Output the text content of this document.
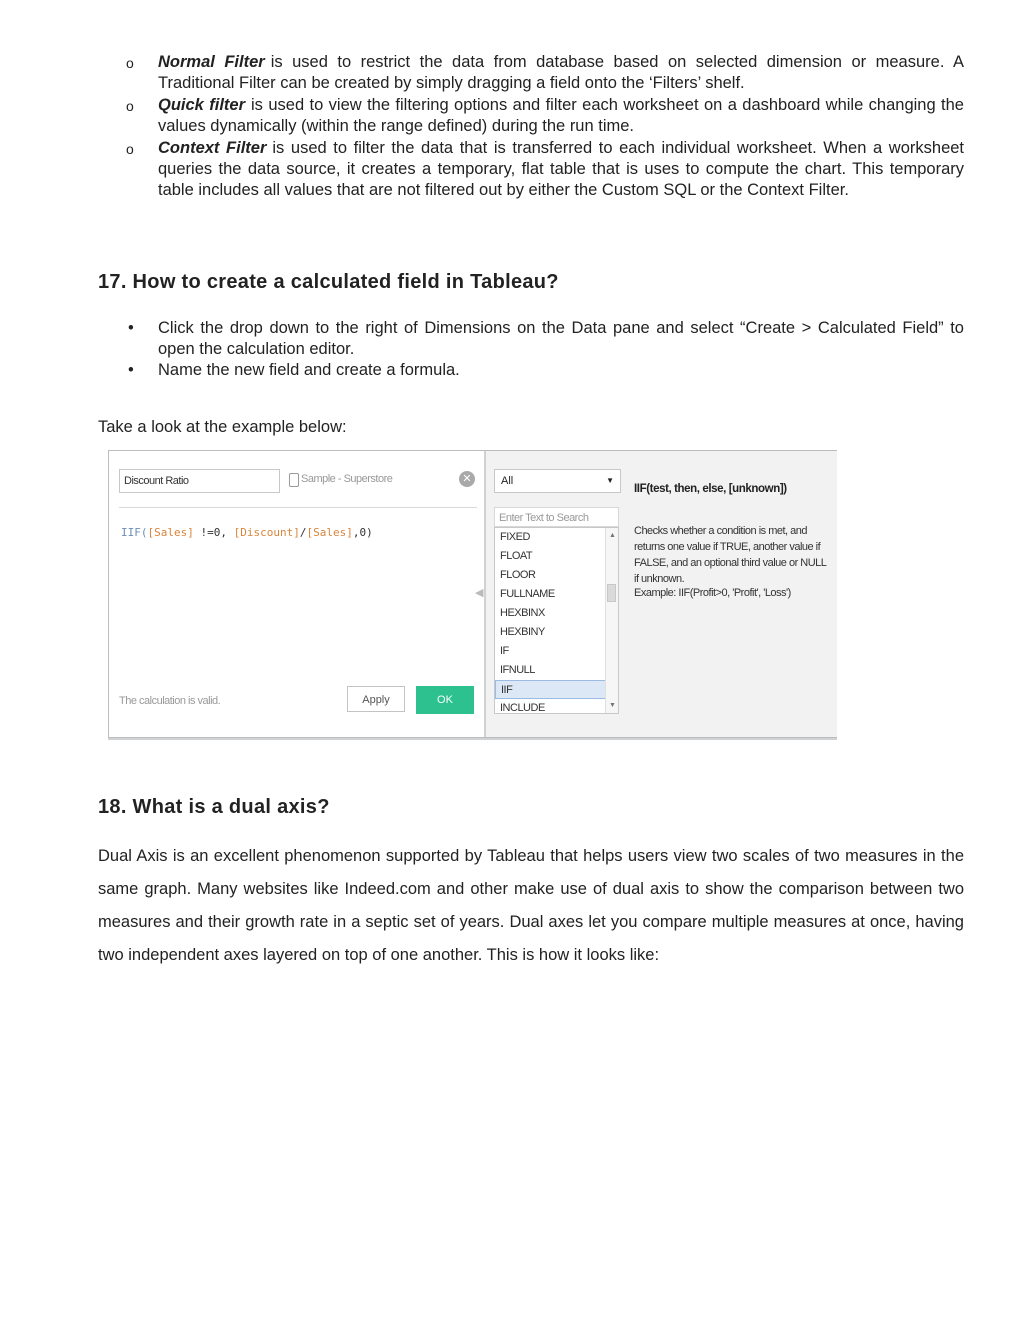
o Normal Filter is used to restrict the data from database based on selected dimension or measure. A Traditional Filter can be created by simply dragging a field onto the ‘Filters’ shelf.
o Quick filter is used to view the filtering options and filter each worksheet on a dashboard while changing the values dynamically (within the range defined) during the run time.
o Context Filter is used to filter the data that is transferred to each individual worksheet. When a worksheet queries the data source, it creates a temporary, flat table that is uses to compute the chart. This temporary table includes all values that are not filtered out by either the Custom SQL or the Context Filter.
17. How to create a calculated field in Tableau?
• Click the drop down to the right of Dimensions on the Data pane and select “Create > Calculated Field” to open the calculation editor.
• Name the new field and create a formula.

Take a look at the example below:

Discount Ratio	Sample - Superstore	✕
IIF([Sales] !=0, [Discount]/[Sales],0)
◀
The calculation is valid.	Apply	OK
All	▼
Enter Text to Search
FIXED
FLOAT
FLOOR
FULLNAME
HEXBINX
HEXBINY
IF
IFNULL
IIF
INCLUDE
▲
▼
IIF(test, then, else, [unknown])
Checks whether a condition is met, and returns one value if TRUE, another value if FALSE, and an optional third value or NULL if unknown.
Example: IIF(Profit>0, 'Profit', 'Loss')
18. What is a dual axis?

Dual Axis is an excellent phenomenon supported by Tableau that helps users view two scales of two measures in the same graph. Many websites like Indeed.com and other make use of dual axis to show the comparison between two measures and their growth rate in a septic set of years. Dual axes let you compare multiple measures at once, having two independent axes layered on top of one another. This is how it looks like:
